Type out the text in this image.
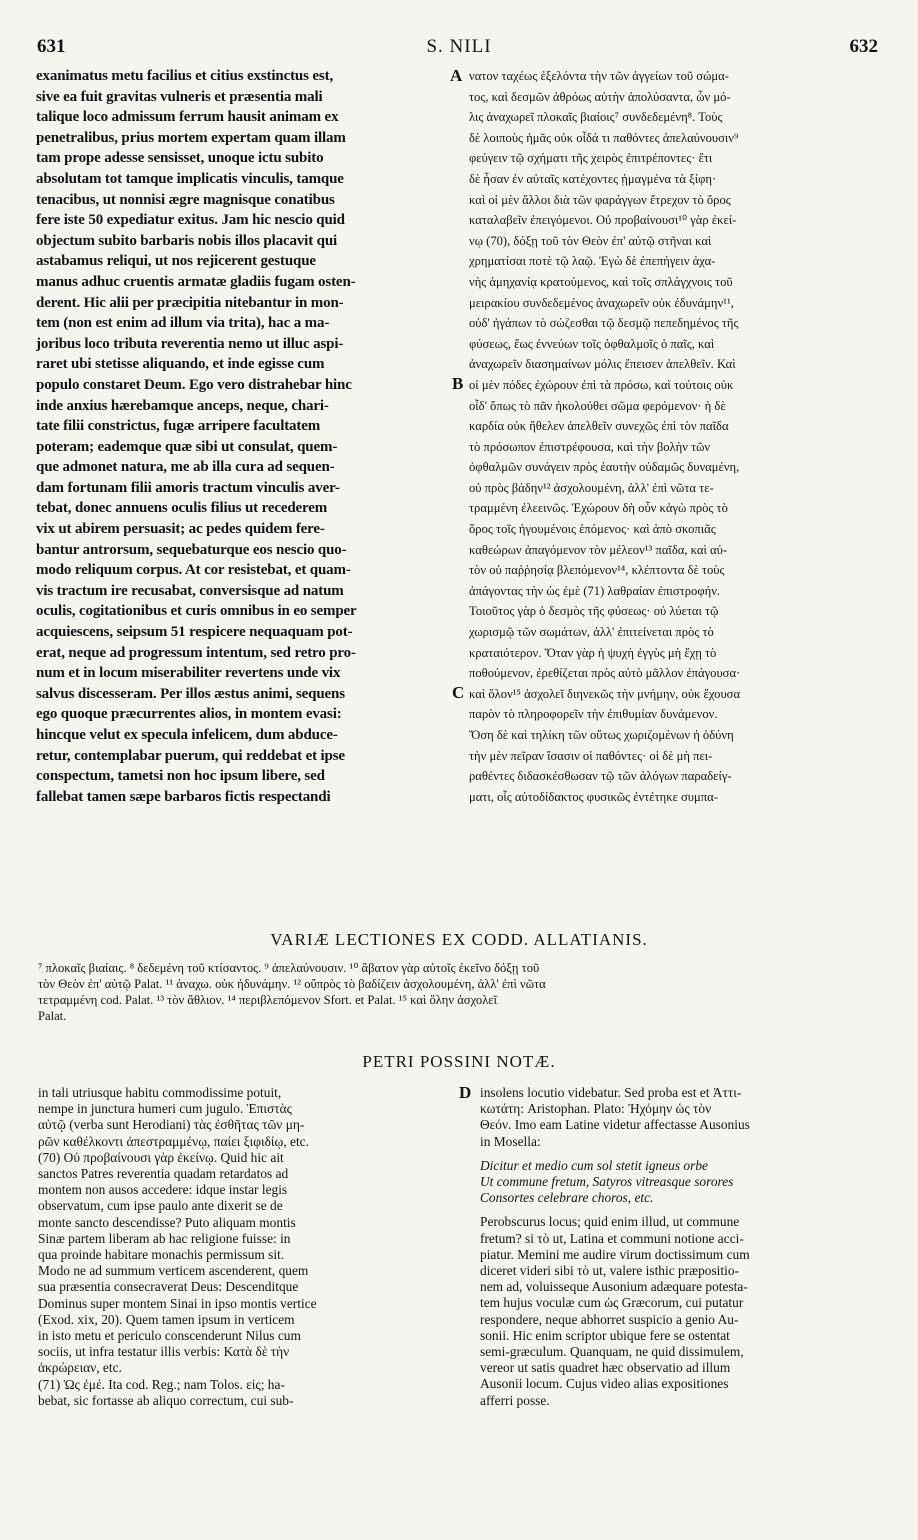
631	S. NILI	632
exanimatus metu facilius et citius exstinctus est,
sive ea fuit gravitas vulneris et præsentia mali
talique loco admissum ferrum hausit animam ex
penetralibus, prius mortem expertam quam illam
tam prope adesse sensisset, unoque ictu subito
absolutam tot tamque implicatis vinculis, tamque
tenacibus, ut nonnisi ægre magnisque conatibus
fere iste 50 expediatur exitus. Jam hic nescio quid
objectum subito barbaris nobis illos placavit qui
astabamus reliqui, ut nos rejicerent gestuque
manus adhuc cruentis armatæ gladiis fugam osten-
derent. Hic alii per præcipitia nitebantur in mon-
tem (non est enim ad illum via trita), hac a ma-
joribus loco tributa reverentia nemo ut illuc aspi-
raret ubi stetisse aliquando, et inde egisse cum
populo constaret Deum. Ego vero distrahebar hinc
inde anxius hærebamque anceps, neque, chari-
tate filii constrictus, fugæ arripere facultatem
poteram; eademque quæ sibi ut consulat, quem-
que admonet natura, me ab illa cura ad sequen-
dam fortunam filii amoris tractum vinculis aver-
tebat, donec annuens oculis filius ut recederem
vix ut abirem persuasit; ac pedes quidem fere-
bantur antrorsum, sequebaturque eos nescio quo-
modo reliquum corpus. At cor resistebat, et quam-
vis tractum ire recusabat, conversisque ad natum
oculis, cogitationibus et curis omnibus in eo semper
acquiescens, seipsum 51 respicere nequaquam pot-
erat, neque ad progressum intentum, sed retro pro-
num et in locum miserabiliter revertens unde vix
salvus discesseram. Per illos æstus animi, sequens
ego quoque præcurrentes alios, in montem evasi:
hincque velut ex specula infelicem, dum abduce-
retur, contemplabar puerum, qui reddebat et ipse
conspectum, tametsi non hoc ipsum libere, sed
fallebat tamen sæpe barbaros fictis respectandi
νατον ταχέως ἐξελόντα τὴν τῶν ἀγγείων τοῦ σώμα-
τος, καὶ δεσμῶν ἀθρόως αὐτὴν ἀπολύσαντα, ὧν μό-
λις ἀναχωρεῖ πλοκαῖς βιαίοις⁷ συνδεδεμένη⁸. Τοὺς
δὲ λοιποὺς ἡμᾶς οὐκ οἶδά τι παθόντες ἀπελαύνουσιν⁹
φεύγειν τῷ σχήματι τῆς χειρὸς ἐπιτρέποντες· ἔτι
δὲ ἦσαν ἐν αὐταῖς κατέχοντες ᾑμαγμένα τὰ ξίφη·
καὶ οἱ μὲν ἄλλοι διὰ τῶν φαράγγων ἔτρεχον τὸ ὄρος
καταλαβεῖν ἐπειγόμενοι. Οὐ προβαίνουσι¹⁰ γὰρ ἐκεί-
νῳ (70), δόξῃ τοῦ τὸν Θεὸν ἐπ' αὐτῷ στῆναι καὶ
χρηματίσαι ποτὲ τῷ λαῷ. Ἐγὼ δὲ ἐπεπήγειν ἀχα-
νὴς ἀμηχανίᾳ κρατούμενος, καὶ τοῖς σπλάγχνοις τοῦ
μειρακίου συνδεδεμένος ἀναχωρεῖν οὐκ ἐδυνάμην¹¹,
οὐδ' ἠγάπων τὸ σώζεσθαι τῷ δεσμῷ πεπεδημένος τῆς
φύσεως, ἕως ἐννεύων τοῖς ὀφθαλμοῖς ὁ παῖς, καὶ
ἀναχωρεῖν διασημαίνων μόλις ἔπεισεν ἀπελθεῖν. Καὶ
οἱ μὲν πόδες ἐχώρουν ἐπὶ τὰ πρόσω, καὶ τούτοις οὐκ
οἶδ' ὅπως τὸ πᾶν ἠκολούθει σῶμα φερόμενον· ἡ δὲ
καρδία οὐκ ἤθελεν ἀπελθεῖν συνεχῶς ἐπὶ τὸν παῖδα
τὸ πρόσωπον ἐπιστρέφουσα, καὶ τὴν βολὴν τῶν
ὀφθαλμῶν συνάγειν πρὸς ἑαυτὴν οὐδαμῶς δυναμένη,
οὐ πρὸς βάδην¹² ἀσχολουμένη, ἀλλ' ἐπὶ νῶτα τε-
τραμμένη ἐλεεινῶς. Ἐχώρουν δὴ οὖν κἀγὼ πρὸς τὸ
ὄρος τοῖς ἡγουμένοις ἑπόμενος· καὶ ἀπὸ σκοπιᾶς
καθεώρων ἀπαγόμενον τὸν μέλεον¹³ παῖδα, καὶ αὐ-
τὸν οὐ παῤῥησίᾳ βλεπόμενον¹⁴, κλέπτοντα δὲ τοὺς
ἀπάγοντας τὴν ὡς ἐμὲ (71) λαθραίαν ἐπιστροφήν.
Τοιοῦτος γὰρ ὁ δεσμὸς τῆς φύσεως· οὐ λύεται τῷ
χωρισμῷ τῶν σωμάτων, ἀλλ' ἐπιτείνεται πρὸς τὸ
κραταιότερον. Ὅταν γὰρ ἡ ψυχὴ ἐγγὺς μὴ ἔχῃ τὸ
ποθούμενον, ἐρεθίζεται πρὸς αὐτὸ μᾶλλον ἐπάγουσα·
καὶ ὅλον¹⁵ ἀσχολεῖ διηνεκῶς τὴν μνήμην, οὐκ ἔχουσα
παρὸν τὸ πληροφορεῖν τὴν ἐπιθυμίαν δυνάμενον.
Ὅση δὲ καὶ τηλίκη τῶν οὕτως χωριζομένων ἡ ὀδύνη
τὴν μὲν πεῖραν ἴσασιν οἱ παθόντες· οἱ δὲ μὴ πει-
ραθέντες διδασκέσθωσαν τῷ τῶν ἀλόγων παραδείγ-
ματι, οἷς αὐτοδίδακτος φυσικῶς ἐντέτηκε συμπα-
A
B
C
D
VARIÆ LECTIONES EX CODD. ALLATIANIS.
⁷ πλοκαῖς βιαίαις. ⁸ δεδεμένη τοῦ κτίσαντος. ⁹ ἀπελαύνουσιν. ¹⁰ ἄβατον γὰρ αὐτοῖς ἐκεῖνο δόξῃ τοῦ
τὸν Θεὸν ἐπ' αὐτῷ Palat. ¹¹ ἀναχω. οὐκ ἠδυνάμην. ¹² οὔπρὸς τὸ βαδίζειν ἀσχολουμένη, ἀλλ' ἐπὶ νῶτα
τετραμμένη cod. Palat. ¹³ τὸν ἄθλιον. ¹⁴ περιβλεπόμενον Sfort. et Palat. ¹⁵ καὶ ὅλην ἀσχολεῖ
Palat.
PETRI POSSINI NOTÆ.
in tali utriusque habitu commodissime potuit,
nempe in junctura humeri cum jugulo. Ἐπιστὰς
αὐτῷ (verba sunt Herodiani) τὰς ἐσθῆτας τῶν μη-
ρῶν καθέλκοντι ἀπεστραμμένῳ, παίει ξιφιδίῳ, etc.
(70) Οὐ προβαίνουσι γὰρ ἐκείνῳ. Quid hic ait
sanctos Patres reverentia quadam retardatos ad
montem non ausos accedere: idque instar legis
observatum, cum ipse paulo ante dixerit se de
monte sancto descendisse? Puto aliquam montis
Sinæ partem liberam ab hac religione fuisse: in
qua proinde habitare monachis permissum sit.
Modo ne ad summum verticem ascenderent, quem
sua præsentia consecraverat Deus: Descenditque
Dominus super montem Sinai in ipso montis vertice
(Exod. xix, 20). Quem tamen ipsum in verticem
in isto metu et periculo conscenderunt Nilus cum
sociis, ut infra testatur illis verbis: Κατὰ δὲ τὴν
ἀκρώρειαν, etc.
(71) Ὡς ἐμέ. Ita cod. Reg.; nam Tolos. εἰς; ha-
bebat, sic fortasse ab aliquo correctum, cui sub-
insolens locutio videbatur. Sed proba est et Ἀττι-
κωτάτη: Aristophan. Plato: Ἠχόμην ὡς τὸν
Θεόν. Imo eam Latine videtur affectasse Ausonius
in Mosella:
Dicitur et medio cum sol stetit igneus orbe
Ut commune fretum, Satyros vitreasque sorores
Consortes celebrare choros, etc.
Perobscurus locus; quid enim illud, ut commune
fretum? si τὸ ut, Latina et communi notione acci-
piatur. Memini me audire virum doctissimum cum
diceret videri sibi τὸ ut, valere isthic præpositio-
nem ad, voluisseque Ausonium adæquare potesta-
tem hujus voculæ cum ὡς Græcorum, cui putatur
respondere, neque abhorret suspicio a genio Au-
sonii. Hic enim scriptor ubique fere se ostentat
semi-græculum. Quanquam, ne quid dissimulem,
vereor ut satis quadret hæc observatio ad illum
Ausonii locum. Cujus video alias expositiones
afferri posse.
